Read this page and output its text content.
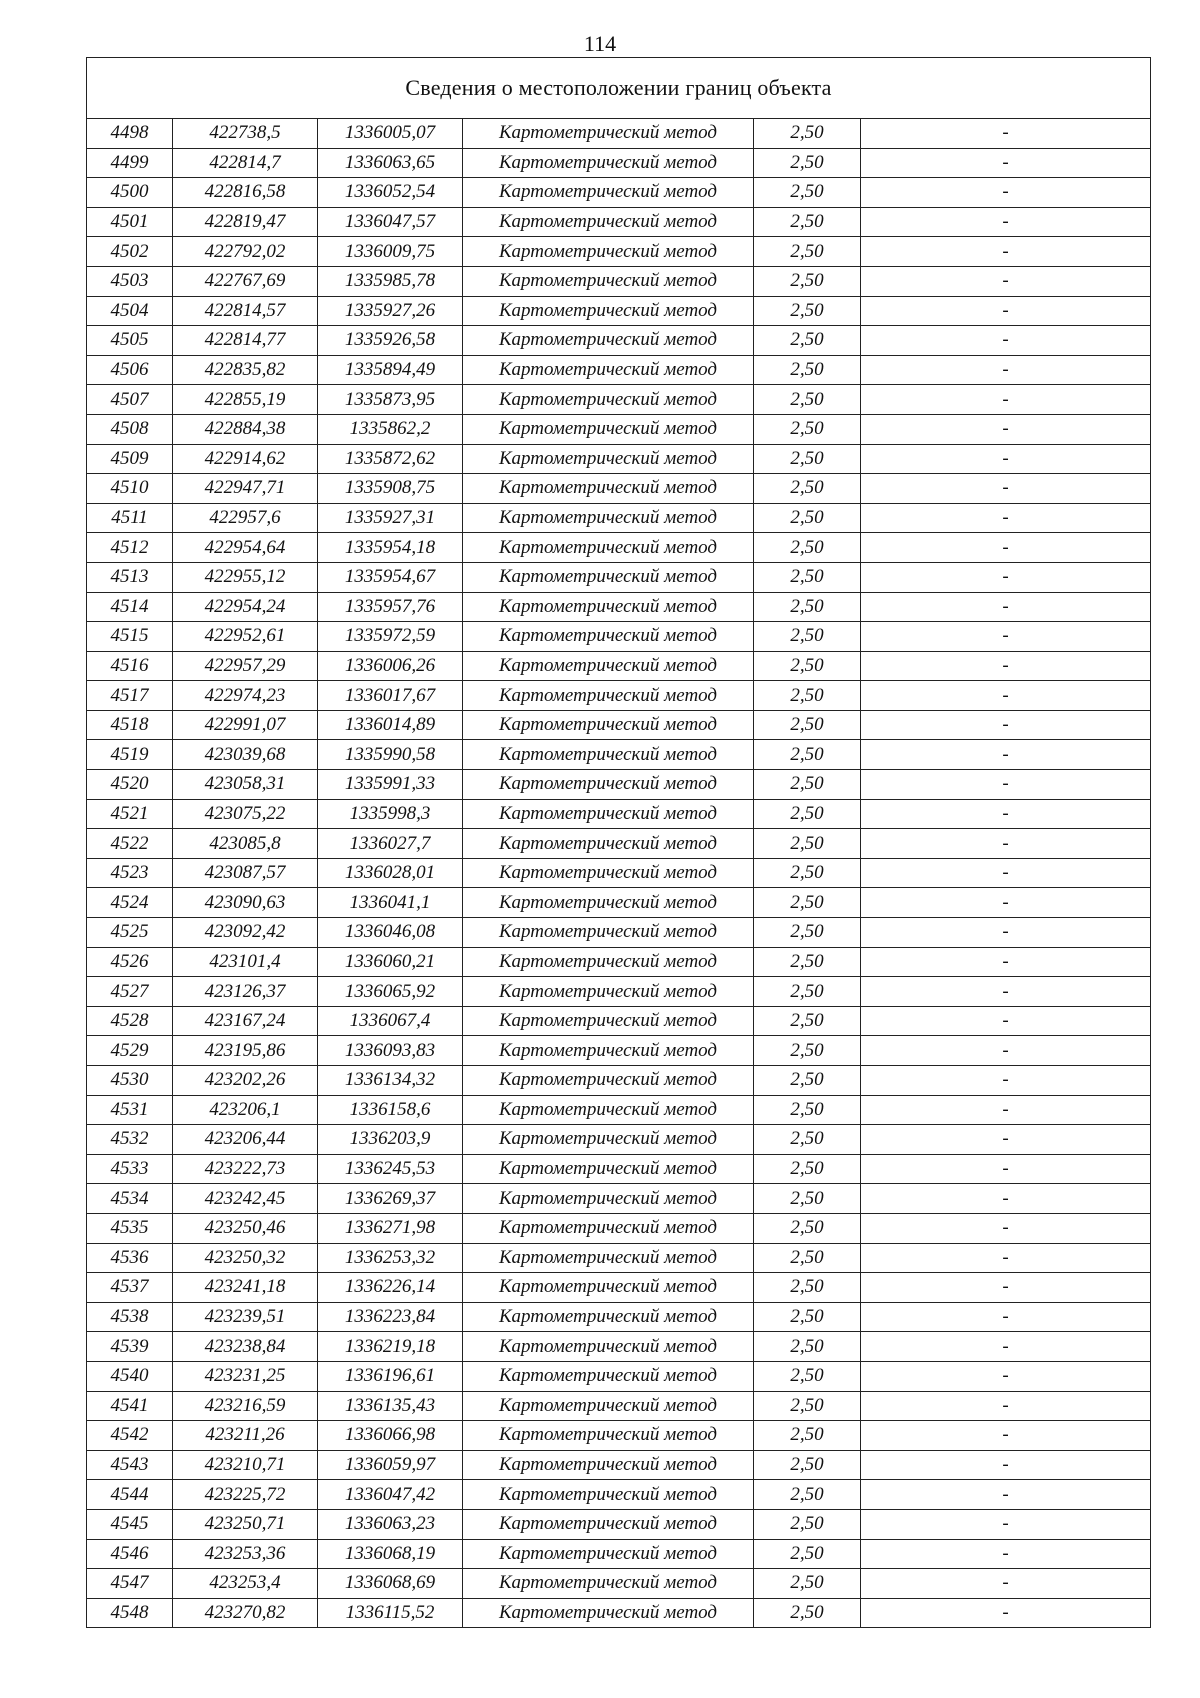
114
Сведения о местоположении границ объекта					
4498	422738,5	1336005,07	Картометрический метод	2,50	-
4499	422814,7	1336063,65	Картометрический метод	2,50	-
4500	422816,58	1336052,54	Картометрический метод	2,50	-
4501	422819,47	1336047,57	Картометрический метод	2,50	-
4502	422792,02	1336009,75	Картометрический метод	2,50	-
4503	422767,69	1335985,78	Картометрический метод	2,50	-
4504	422814,57	1335927,26	Картометрический метод	2,50	-
4505	422814,77	1335926,58	Картометрический метод	2,50	-
4506	422835,82	1335894,49	Картометрический метод	2,50	-
4507	422855,19	1335873,95	Картометрический метод	2,50	-
4508	422884,38	1335862,2	Картометрический метод	2,50	-
4509	422914,62	1335872,62	Картометрический метод	2,50	-
4510	422947,71	1335908,75	Картометрический метод	2,50	-
4511	422957,6	1335927,31	Картометрический метод	2,50	-
4512	422954,64	1335954,18	Картометрический метод	2,50	-
4513	422955,12	1335954,67	Картометрический метод	2,50	-
4514	422954,24	1335957,76	Картометрический метод	2,50	-
4515	422952,61	1335972,59	Картометрический метод	2,50	-
4516	422957,29	1336006,26	Картометрический метод	2,50	-
4517	422974,23	1336017,67	Картометрический метод	2,50	-
4518	422991,07	1336014,89	Картометрический метод	2,50	-
4519	423039,68	1335990,58	Картометрический метод	2,50	-
4520	423058,31	1335991,33	Картометрический метод	2,50	-
4521	423075,22	1335998,3	Картометрический метод	2,50	-
4522	423085,8	1336027,7	Картометрический метод	2,50	-
4523	423087,57	1336028,01	Картометрический метод	2,50	-
4524	423090,63	1336041,1	Картометрический метод	2,50	-
4525	423092,42	1336046,08	Картометрический метод	2,50	-
4526	423101,4	1336060,21	Картометрический метод	2,50	-
4527	423126,37	1336065,92	Картометрический метод	2,50	-
4528	423167,24	1336067,4	Картометрический метод	2,50	-
4529	423195,86	1336093,83	Картометрический метод	2,50	-
4530	423202,26	1336134,32	Картометрический метод	2,50	-
4531	423206,1	1336158,6	Картометрический метод	2,50	-
4532	423206,44	1336203,9	Картометрический метод	2,50	-
4533	423222,73	1336245,53	Картометрический метод	2,50	-
4534	423242,45	1336269,37	Картометрический метод	2,50	-
4535	423250,46	1336271,98	Картометрический метод	2,50	-
4536	423250,32	1336253,32	Картометрический метод	2,50	-
4537	423241,18	1336226,14	Картометрический метод	2,50	-
4538	423239,51	1336223,84	Картометрический метод	2,50	-
4539	423238,84	1336219,18	Картометрический метод	2,50	-
4540	423231,25	1336196,61	Картометрический метод	2,50	-
4541	423216,59	1336135,43	Картометрический метод	2,50	-
4542	423211,26	1336066,98	Картометрический метод	2,50	-
4543	423210,71	1336059,97	Картометрический метод	2,50	-
4544	423225,72	1336047,42	Картометрический метод	2,50	-
4545	423250,71	1336063,23	Картометрический метод	2,50	-
4546	423253,36	1336068,19	Картометрический метод	2,50	-
4547	423253,4	1336068,69	Картометрический метод	2,50	-
4548	423270,82	1336115,52	Картометрический метод	2,50	-
